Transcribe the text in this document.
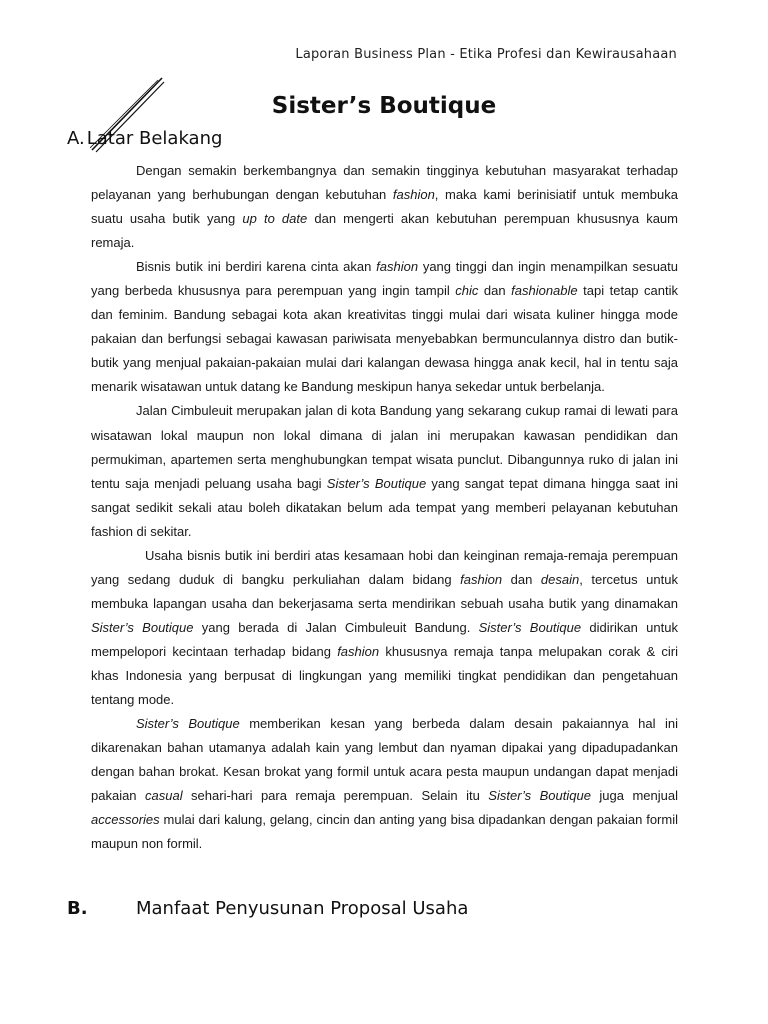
Laporan Business Plan - Etika Profesi dan Kewirausahaan
Sister’s Boutique
A. Latar Belakang

Dengan semakin berkembangnya dan semakin tingginya kebutuhan masyarakat terhadap pelayanan yang berhubungan dengan kebutuhan fashion, maka kami berinisiatif untuk membuka suatu usaha butik yang up to date dan mengerti akan kebutuhan perempuan khususnya kaum remaja.

Bisnis butik ini berdiri karena cinta akan fashion yang tinggi dan ingin menampilkan sesuatu yang berbeda khususnya para perempuan yang ingin tampil chic dan fashionable tapi tetap cantik dan feminim. Bandung sebagai kota akan kreativitas tinggi mulai dari wisata kuliner hingga mode pakaian dan berfungsi sebagai kawasan pariwisata menyebabkan bermunculannya distro dan butik-butik yang menjual pakaian-pakaian mulai dari kalangan dewasa hingga anak kecil, hal in tentu saja menarik wisatawan untuk datang ke Bandung meskipun hanya sekedar untuk berbelanja.

Jalan Cimbuleuit merupakan jalan di kota Bandung yang sekarang cukup ramai di lewati para wisatawan lokal maupun non lokal dimana di jalan ini merupakan kawasan pendidikan dan permukiman, apartemen serta menghubungkan tempat wisata punclut. Dibangunnya ruko di jalan ini tentu saja menjadi peluang usaha bagi Sister’s Boutique yang sangat tepat dimana hingga saat ini sangat sedikit sekali atau boleh dikatakan belum ada tempat yang memberi pelayanan kebutuhan fashion di sekitar.

Usaha bisnis butik ini berdiri atas kesamaan hobi dan keinginan remaja-remaja perempuan yang sedang duduk di bangku perkuliahan dalam bidang fashion dan desain, tercetus untuk membuka lapangan usaha dan bekerjasama serta mendirikan sebuah usaha butik yang dinamakan Sister’s Boutique yang berada di Jalan Cimbuleuit Bandung. Sister’s Boutique didirikan untuk mempelopori kecintaan terhadap bidang fashion khususnya remaja tanpa melupakan corak & ciri khas Indonesia yang berpusat di lingkungan yang memiliki tingkat pendidikan dan pengetahuan tentang mode.

Sister’s Boutique memberikan kesan yang berbeda dalam desain pakaiannya hal ini dikarenakan bahan utamanya adalah kain yang lembut dan nyaman dipakai yang dipadupadankan dengan bahan brokat. Kesan brokat yang formil untuk acara pesta maupun undangan dapat menjadi pakaian casual sehari-hari para remaja perempuan. Selain itu Sister’s Boutique juga menjual accessories mulai dari kalung, gelang, cincin dan anting yang bisa dipadankan dengan pakaian formil maupun non formil.

B.	Manfaat Penyusunan Proposal Usaha
